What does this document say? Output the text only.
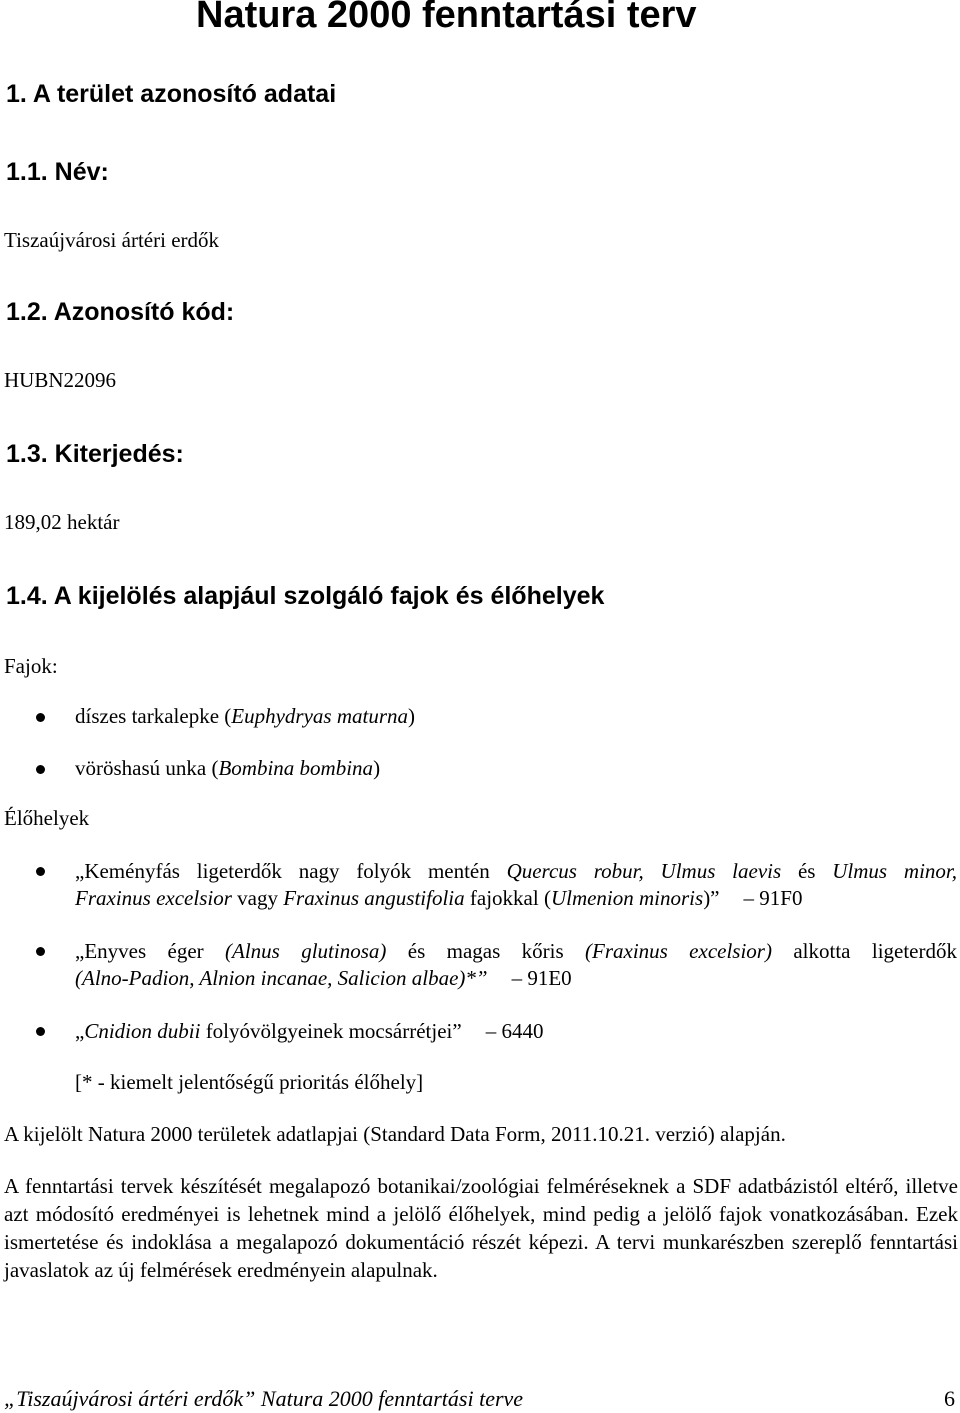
Natura 2000 fenntartási terv
1. A terület azonosító adatai
1.1. Név:
Tiszaújvárosi ártéri erdők
1.2. Azonosító kód:
HUBN22096
1.3. Kiterjedés:
189,02 hektár
1.4. A kijelölés alapjául szolgáló fajok és élőhelyek
Fajok:
díszes tarkalepke (Euphydryas maturna)
vöröshasú unka (Bombina bombina)
Élőhelyek
„Keményfás ligeterdők nagy folyók mentén Quercus robur, Ulmus laevis és Ulmus minor,
Fraxinus excelsior vagy Fraxinus angustifolia fajokkal (Ulmenion minoris)” – 91F0
„Enyves éger (Alnus glutinosa) és magas kőris (Fraxinus excelsior) alkotta ligeterdők
(Alno-Padion, Alnion incanae, Salicion albae)*” – 91E0
„Cnidion dubii folyóvölgyeinek mocsárrétjei” – 6440
[* - kiemelt jelentőségű prioritás élőhely]
A kijelölt Natura 2000 területek adatlapjai (Standard Data Form, 2011.10.21. verzió) alapján.
A fenntartási tervek készítését megalapozó botanikai/zoológiai felméréseknek a SDF adatbázistól eltérő, illetve azt módosító eredményei is lehetnek mind a jelölő élőhelyek, mind pedig a jelölő fajok vonatkozásában. Ezek ismertetése és indoklása a megalapozó dokumentáció részét képezi. A tervi munkarészben szereplő fenntartási javaslatok az új felmérések eredményein alapulnak.
„Tiszaújvárosi ártéri erdők” Natura 2000 fenntartási terve	6
